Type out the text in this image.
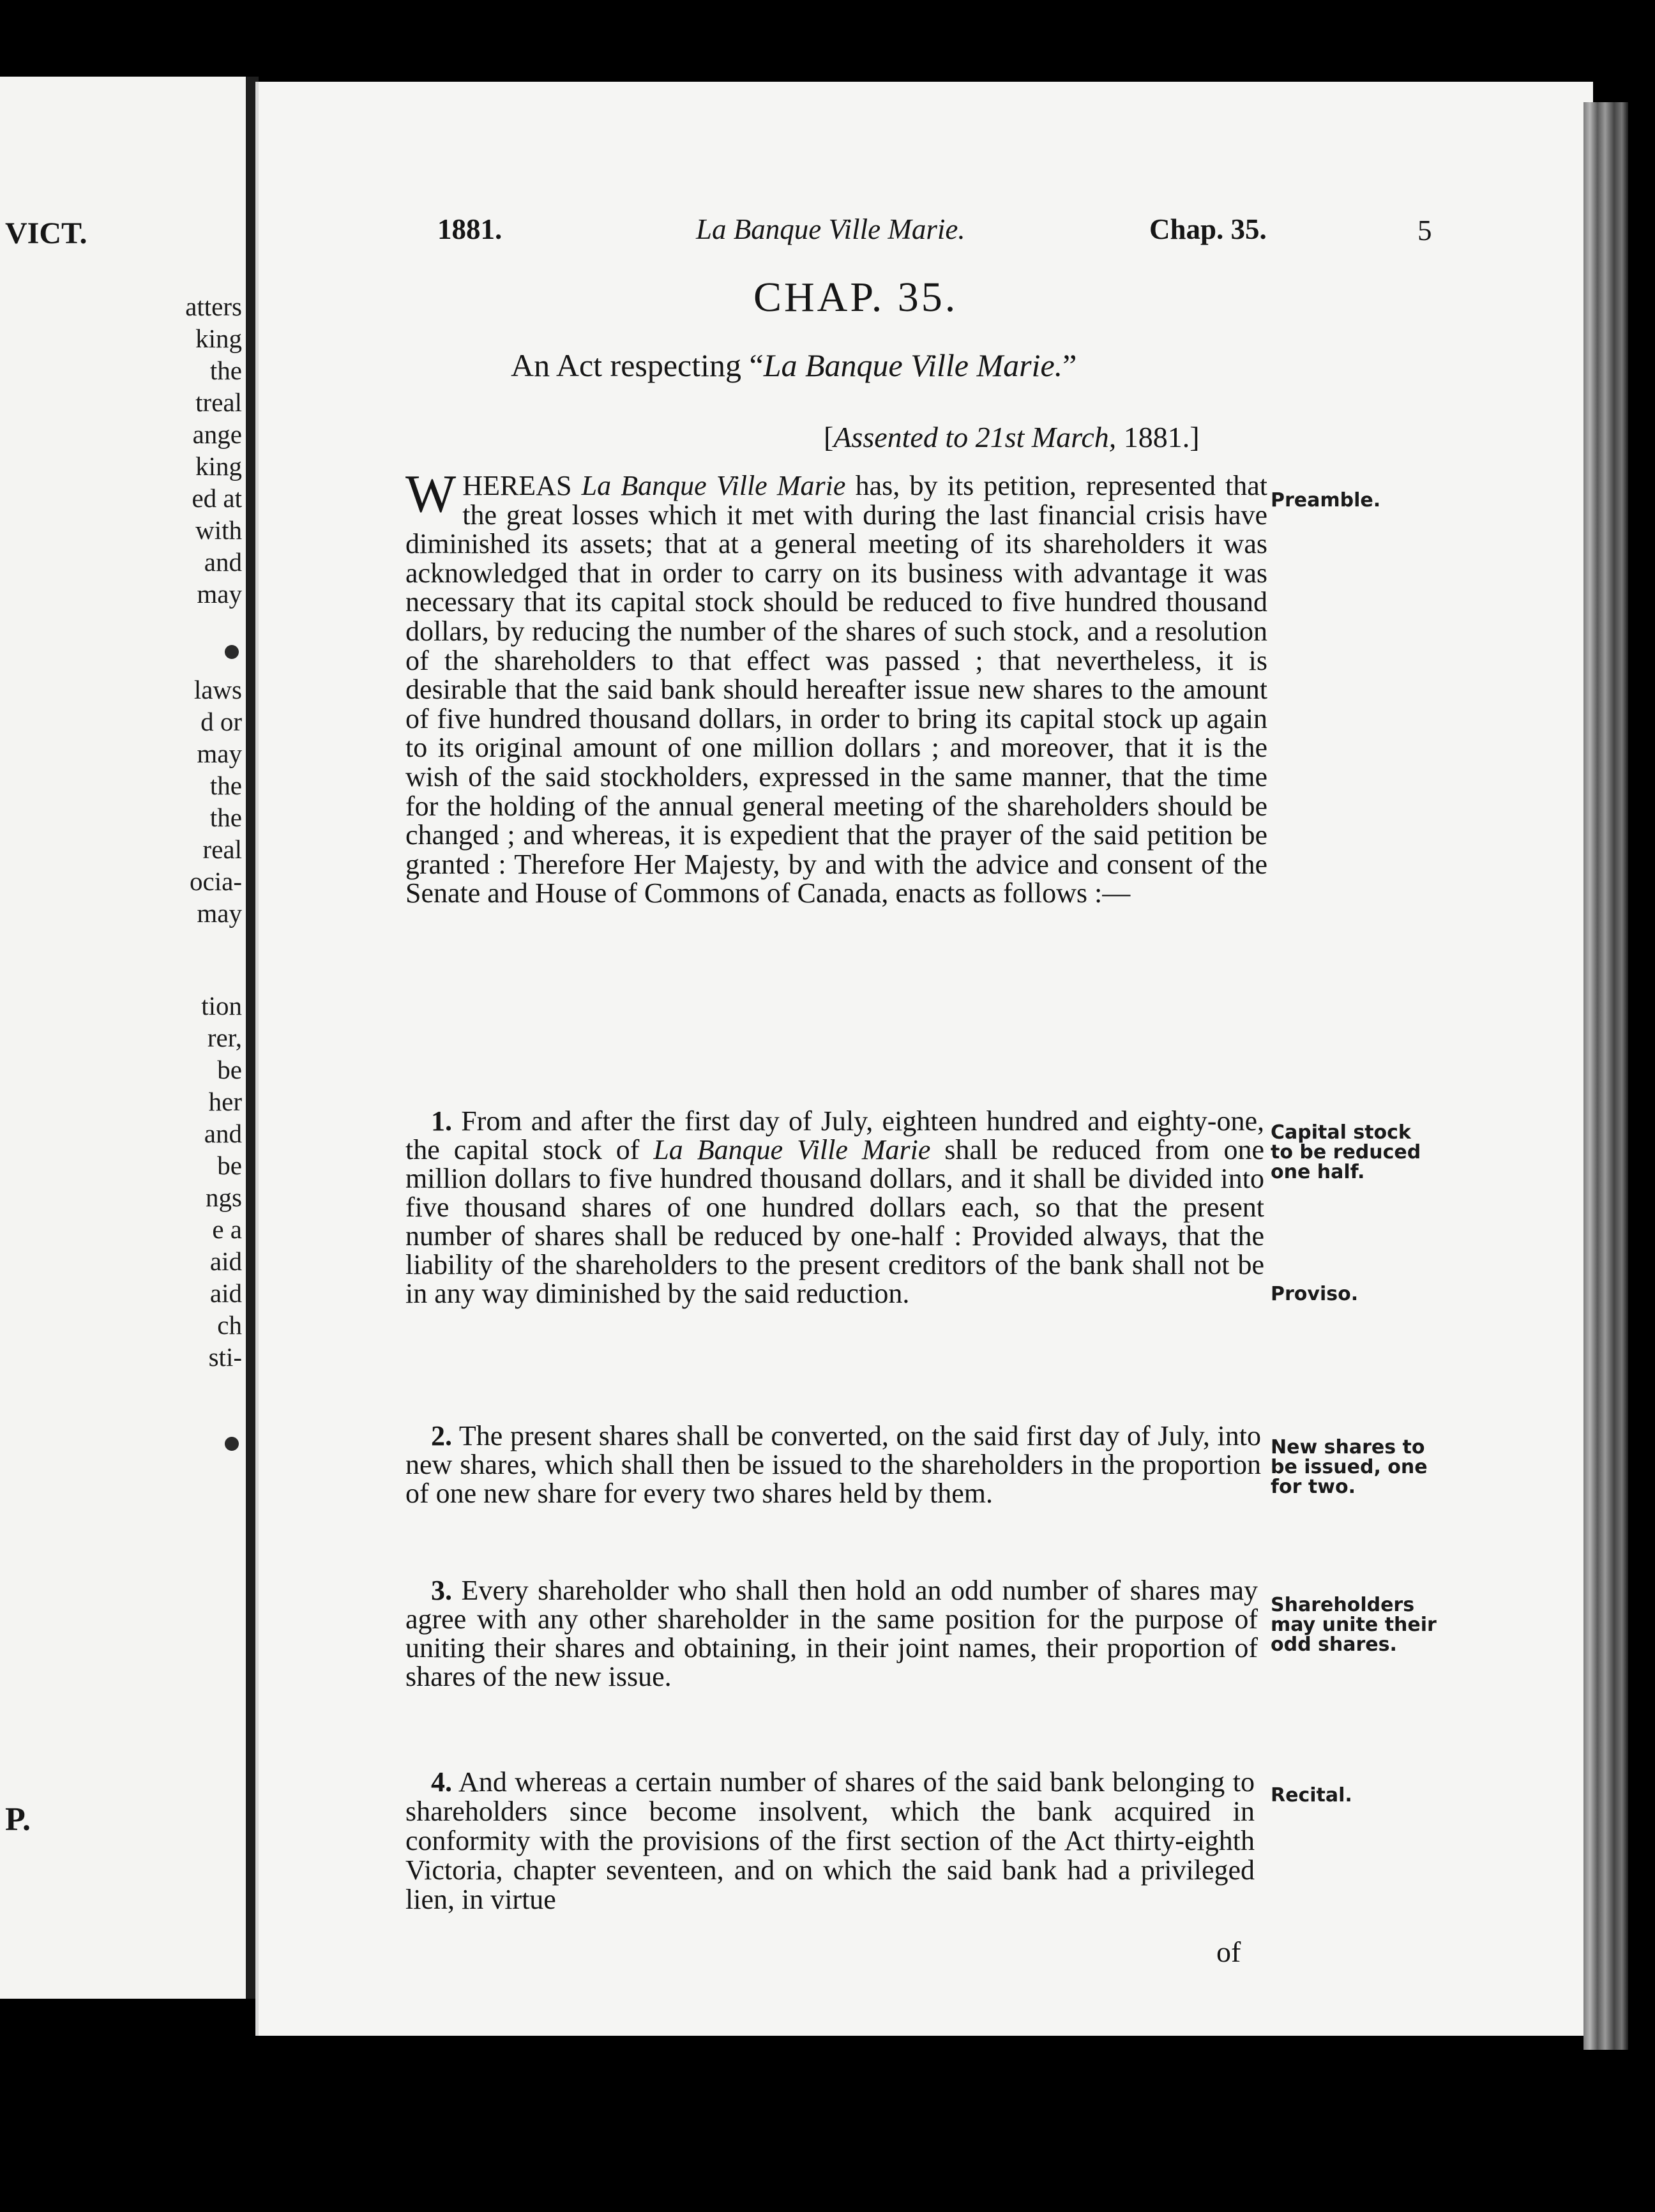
VICT.
atters
king
the
treal
ange
king
ed at
with
and
may
laws
d or
may
the
the
real
ocia-
may
tion
rer,
be
her
and
be
ngs
e a
aid
aid
ch
sti-
P.
1881.	La Banque Ville Marie.	Chap. 35.	5
CHAP. 35.
An Act respecting “La Banque Ville Marie.”
[Assented to 21st March, 1881.]

WHEREAS La Banque Ville Marie has, by its petition, represented that the great losses which it met with during the last financial crisis have diminished its assets; that at a general meeting of its shareholders it was acknowledged that in order to carry on its business with advantage it was necessary that its capital stock should be reduced to five hundred thousand dollars, by reducing the number of the shares of such stock, and a resolution of the shareholders to that effect was passed ; that nevertheless, it is desirable that the said bank should hereafter issue new shares to the amount of five hundred thousand dollars, in order to bring its capital stock up again to its original amount of one million dollars ; and moreover, that it is the wish of the said stockholders, expressed in the same manner, that the time for the holding of the annual general meeting of the shareholders should be changed ; and whereas, it is expedient that the prayer of the said petition be granted : Therefore Her Majesty, by and with the advice and consent of the Senate and House of Commons of Canada, enacts as follows :—

Preamble.

1. From and after the first day of July, eighteen hundred and eighty-one, the capital stock of La Banque Ville Marie shall be reduced from one million dollars to five hundred thousand dollars, and it shall be divided into five thousand shares of one hundred dollars each, so that the present number of shares shall be reduced by one-half : Provided always, that the liability of the shareholders to the present creditors of the bank shall not be in any way diminished by the said reduction.

Capital stock to be reduced one half.
Proviso.

2. The present shares shall be converted, on the said first day of July, into new shares, which shall then be issued to the shareholders in the proportion of one new share for every two shares held by them.

New shares to be issued, one for two.

3. Every shareholder who shall then hold an odd number of shares may agree with any other shareholder in the same position for the purpose of uniting their shares and obtaining, in their joint names, their proportion of shares of the new issue.

Shareholders may unite their odd shares.

4. And whereas a certain number of shares of the said bank belonging to shareholders since become insolvent, which the bank acquired in conformity with the provisions of the first section of the Act thirty-eighth Victoria, chapter seventeen, and on which the said bank had a privileged lien, in virtue

Recital.
of
